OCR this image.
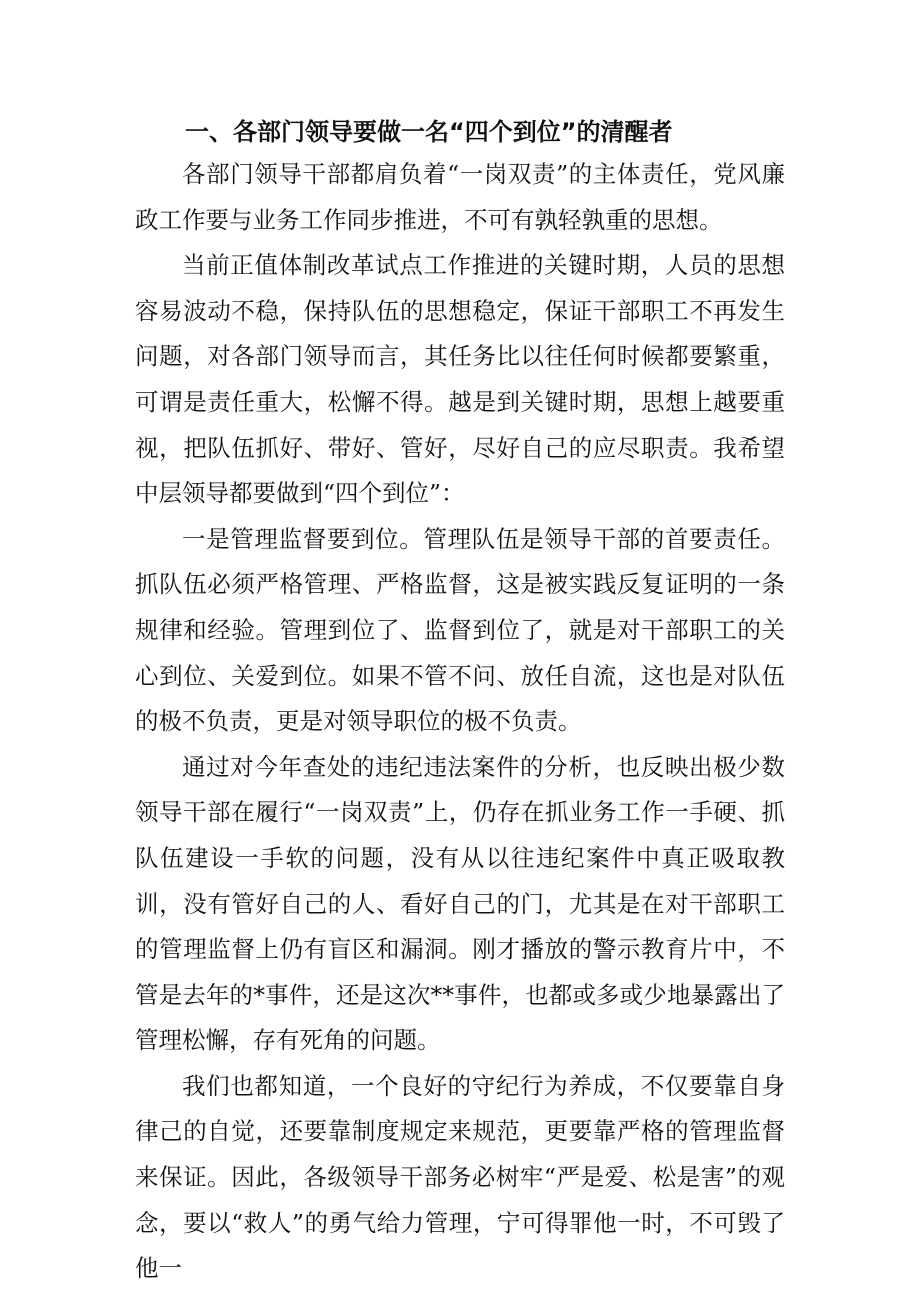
一、各部门领导要做一名“四个到位”的清醒者

各部门领导干部都肩负着“一岗双责”的主体责任，党风廉政工作要与业务工作同步推进，不可有孰轻孰重的思想。

当前正值体制改革试点工作推进的关键时期，人员的思想容易波动不稳，保持队伍的思想稳定，保证干部职工不再发生问题，对各部门领导而言，其任务比以往任何时候都要繁重，可谓是责任重大，松懈不得。越是到关键时期，思想上越要重视，把队伍抓好、带好、管好，尽好自己的应尽职责。我希望中层领导都要做到“四个到位”：

一是管理监督要到位。管理队伍是领导干部的首要责任。抓队伍必须严格管理、严格监督，这是被实践反复证明的一条规律和经验。管理到位了、监督到位了，就是对干部职工的关心到位、关爱到位。如果不管不问、放任自流，这也是对队伍的极不负责，更是对领导职位的极不负责。

通过对今年查处的违纪违法案件的分析，也反映出极少数领导干部在履行“一岗双责”上，仍存在抓业务工作一手硬、抓队伍建设一手软的问题，没有从以往违纪案件中真正吸取教训，没有管好自己的人、看好自己的门，尤其是在对干部职工的管理监督上仍有盲区和漏洞。刚才播放的警示教育片中，不管是去年的*事件，还是这次**事件，也都或多或少地暴露出了管理松懈，存有死角的问题。

我们也都知道，一个良好的守纪行为养成，不仅要靠自身律己的自觉，还要靠制度规定来规范，更要靠严格的管理监督来保证。因此，各级领导干部务必树牢“严是爱、松是害”的观念，要以“救人”的勇气给力管理，宁可得罪他一时，不可毁了他一
